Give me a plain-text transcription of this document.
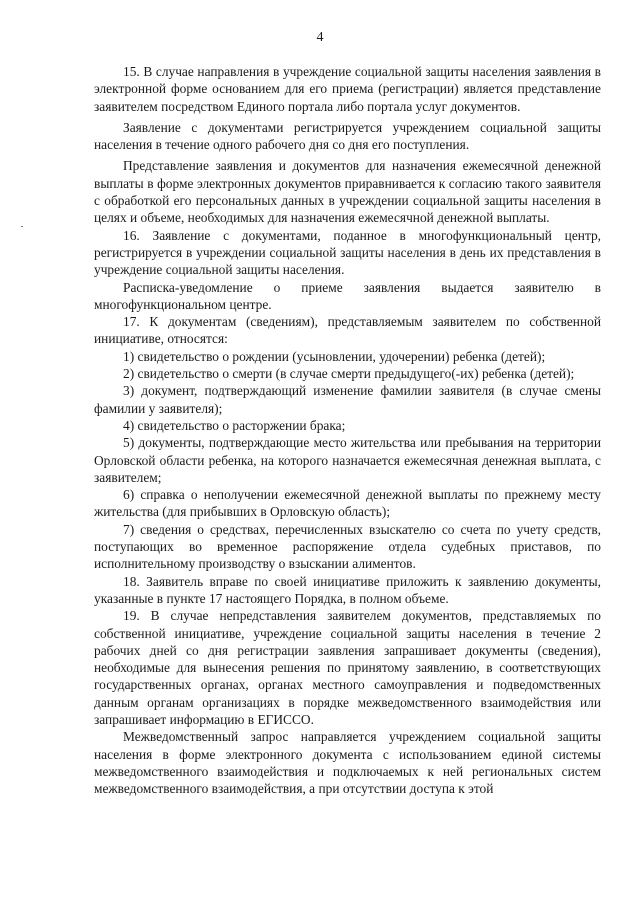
4

15. В случае направления в учреждение социальной защиты населения заявления в электронной форме основанием для его приема (регистрации) является представление заявителем посредством Единого портала либо портала услуг документов.

Заявление с документами регистрируется учреждением социальной защиты населения в течение одного рабочего дня со дня его поступления.

Представление заявления и документов для назначения ежемесячной денежной выплаты в форме электронных документов приравнивается к согласию такого заявителя с обработкой его персональных данных в учреждении социальной защиты населения в целях и объеме, необходимых для назначения ежемесячной денежной выплаты.

16. Заявление с документами, поданное в многофункциональный центр, регистрируется в учреждении социальной защиты населения в день их представления в учреждение социальной защиты населения.

Расписка-уведомление о приеме заявления выдается заявителю в многофункциональном центре.

17. К документам (сведениям), представляемым заявителем по собственной инициативе, относятся:

1) свидетельство о рождении (усыновлении, удочерении) ребенка (детей);

2) свидетельство о смерти (в случае смерти предыдущего(-их) ребенка (детей);

3) документ, подтверждающий изменение фамилии заявителя (в случае смены фамилии у заявителя);

4) свидетельство о расторжении брака;

5) документы, подтверждающие место жительства или пребывания на территории Орловской области ребенка, на которого назначается ежемесячная денежная выплата, с заявителем;

6) справка о неполучении ежемесячной денежной выплаты по прежнему месту жительства (для прибывших в Орловскую область);

7) сведения о средствах, перечисленных взыскателю со счета по учету средств, поступающих во временное распоряжение отдела судебных приставов, по исполнительному производству о взыскании алиментов.

18. Заявитель вправе по своей инициативе приложить к заявлению документы, указанные в пункте 17 настоящего Порядка, в полном объеме.

19. В случае непредставления заявителем документов, представляемых по собственной инициативе, учреждение социальной защиты населения в течение 2 рабочих дней со дня регистрации заявления запрашивает документы (сведения), необходимые для вынесения решения по принятому заявлению, в соответствующих государственных органах, органах местного самоуправления и подведомственных данным органам организациях в порядке межведомственного взаимодействия или запрашивает информацию в ЕГИССО.

Межведомственный запрос направляется учреждением социальной защиты населения в форме электронного документа с использованием единой системы межведомственного взаимодействия и подключаемых к ней региональных систем межведомственного взаимодействия, а при отсутствии доступа к этой
